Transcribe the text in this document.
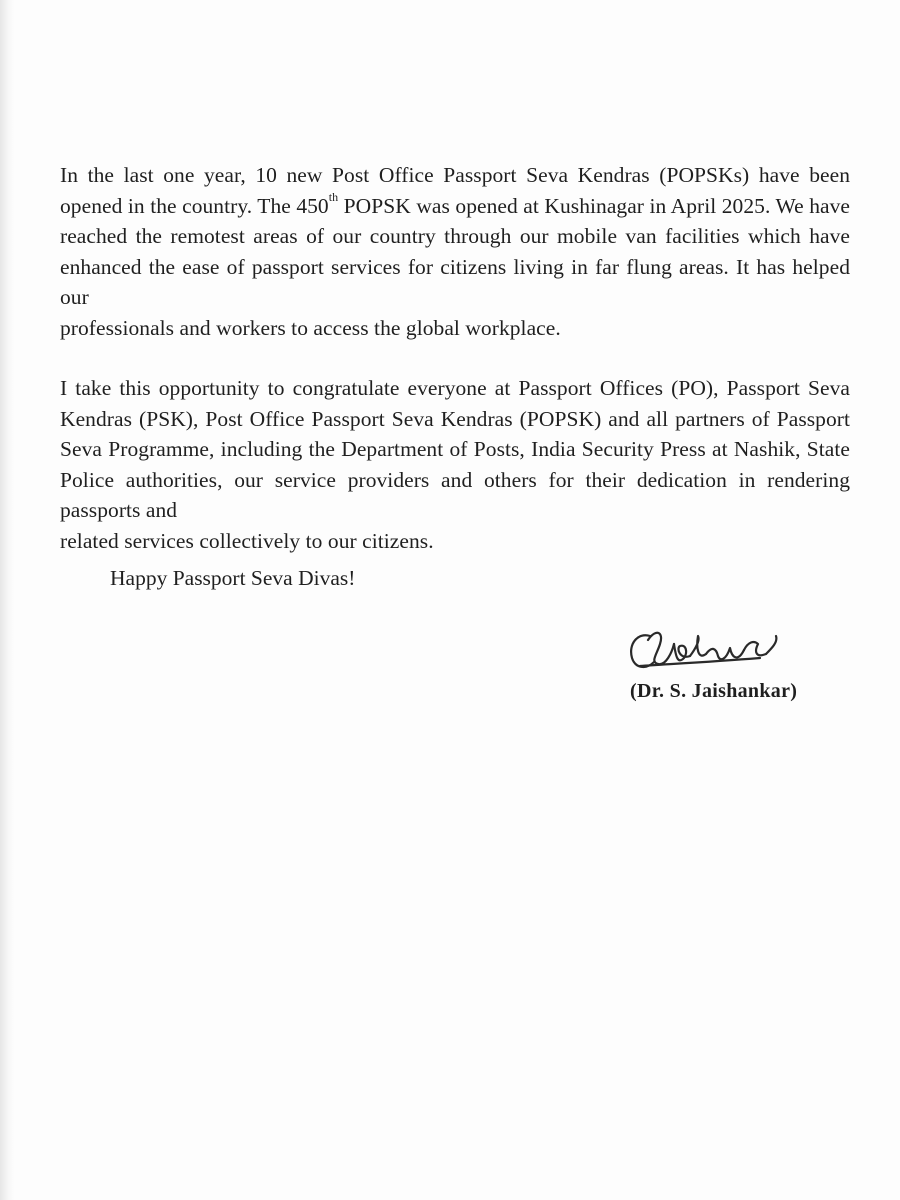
In the last one year, 10 new Post Office Passport Seva Kendras (POPSKs) have been opened in the country. The 450th POPSK was opened at Kushinagar in April 2025. We have reached the remotest areas of our country through our mobile van facilities which have enhanced the ease of passport services for citizens living in far flung areas. It has helped our
professionals and workers to access the global workplace.

I take this opportunity to congratulate everyone at Passport Offices (PO), Passport Seva Kendras (PSK), Post Office Passport Seva Kendras (POPSK) and all partners of Passport Seva Programme, including the Department of Posts, India Security Press at Nashik, State Police authorities, our service providers and others for their dedication in rendering passports and
related services collectively to our citizens.

Happy Passport Seva Divas!
(Dr. S. Jaishankar)
